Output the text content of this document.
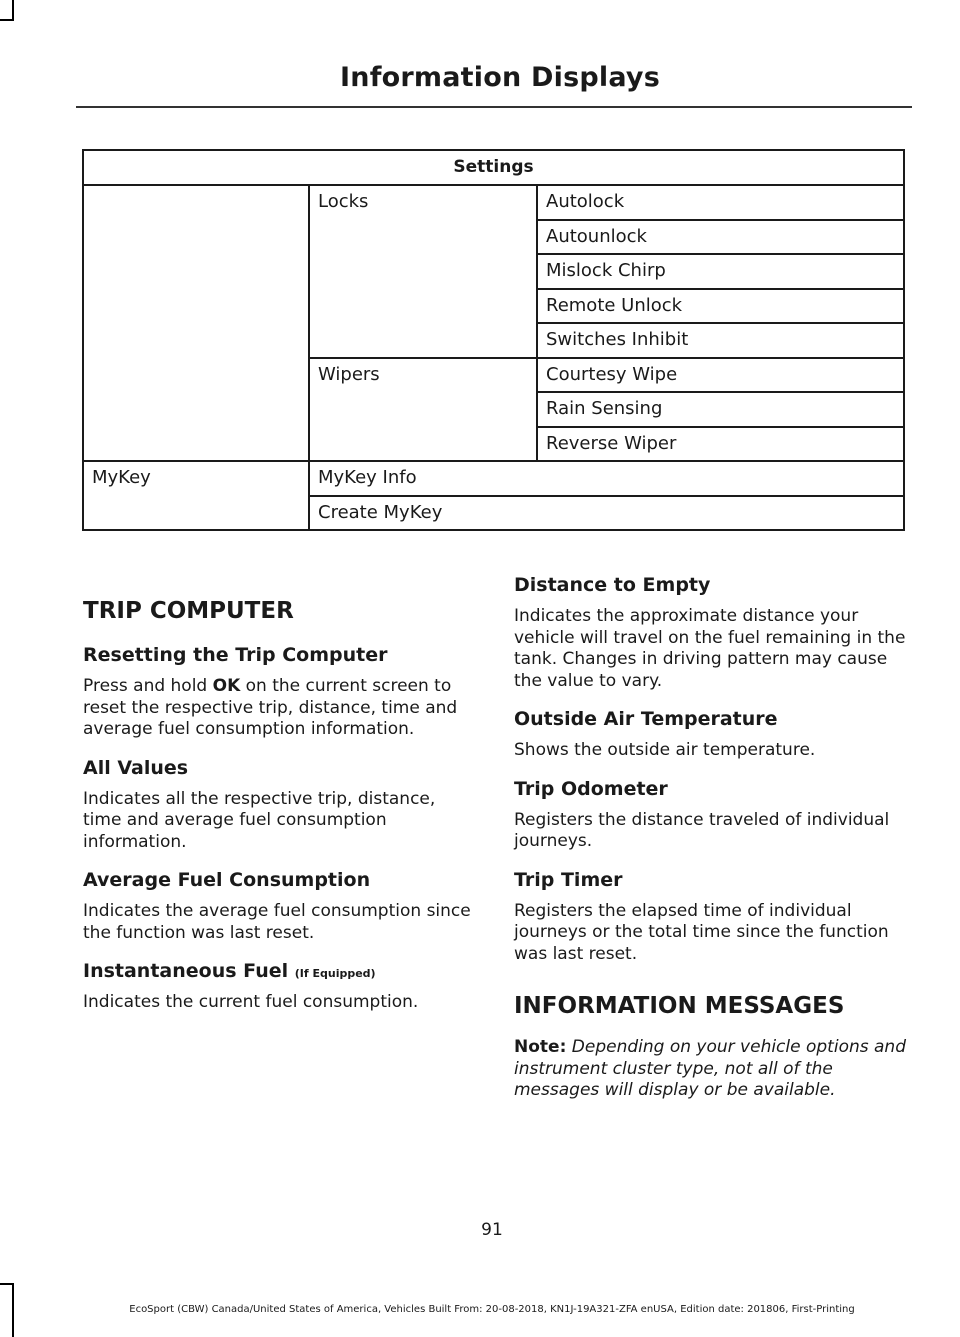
Information Displays
Settings		
	Locks	Autolock
		Autounlock
		Mislock Chirp
		Remote Unlock
		Switches Inhibit
	Wipers	Courtesy Wipe
		Rain Sensing
		Reverse Wiper
MyKey	MyKey Info	
	Create MyKey	
TRIP COMPUTER
Resetting the Trip Computer
Press and hold OK on the current screen to reset the respective trip, distance, time and average fuel consumption information.
All Values
Indicates all the respective trip, distance, time and average fuel consumption information.
Average Fuel Consumption
Indicates the average fuel consumption since the function was last reset.
Instantaneous Fuel (If Equipped)
Indicates the current fuel consumption.
Distance to Empty
Indicates the approximate distance your vehicle will travel on the fuel remaining in the tank. Changes in driving pattern may cause the value to vary.
Outside Air Temperature
Shows the outside air temperature.
Trip Odometer
Registers the distance traveled of individual journeys.
Trip Timer
Registers the elapsed time of individual journeys or the total time since the function was last reset.
INFORMATION MESSAGES
Note: Depending on your vehicle options and instrument cluster type, not all of the messages will display or be available.
91
EcoSport (CBW) Canada/United States of America, Vehicles Built From: 20-08-2018, KN1J-19A321-ZFA enUSA, Edition date: 201806, First-Printing
